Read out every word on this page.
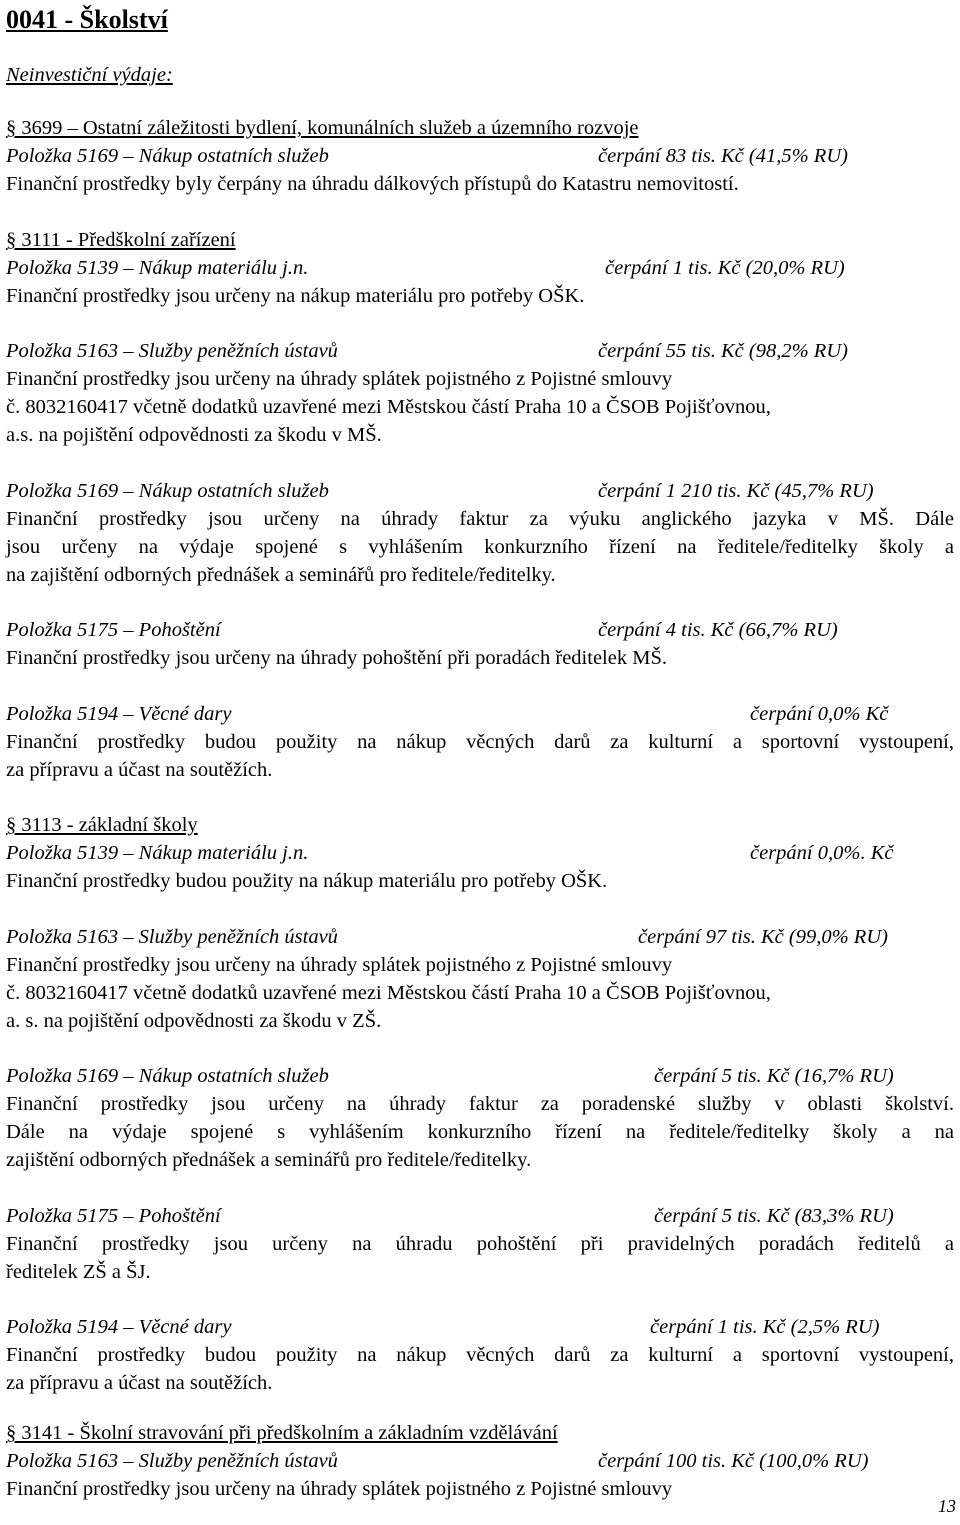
0041 - Školství
Neinvestiční výdaje:
§ 3699 – Ostatní záležitosti bydlení, komunálních služeb a územního rozvoje
Položka 5169 – Nákup ostatních služeb	čerpání 83 tis. Kč (41,5% RU)
Finanční prostředky byly čerpány na úhradu dálkových přístupů do Katastru nemovitostí.
§ 3111 - Předškolní zařízení
Položka 5139 – Nákup materiálu j.n.	čerpání 1 tis. Kč (20,0% RU)
Finanční prostředky jsou určeny na nákup materiálu pro potřeby OŠK.
Položka 5163 – Služby peněžních ústavů	čerpání 55 tis. Kč (98,2% RU)
Finanční prostředky jsou určeny na úhrady splátek pojistného z Pojistné smlouvy
č. 8032160417 včetně dodatků uzavřené mezi Městskou částí Praha 10 a ČSOB Pojišťovnou,
a.s. na pojištění odpovědnosti za škodu v MŠ.
Položka 5169 – Nákup ostatních služeb	čerpání 1 210 tis. Kč (45,7% RU)
Finanční prostředky jsou určeny na úhrady faktur za výuku anglického jazyka v MŠ. Dále
jsou určeny na výdaje spojené s vyhlášením konkurzního řízení na ředitele/ředitelky školy a
na zajištění odborných přednášek a seminářů pro ředitele/ředitelky.
Položka 5175 – Pohoštění	čerpání 4 tis. Kč (66,7% RU)
Finanční prostředky jsou určeny na úhrady pohoštění při poradách ředitelek MŠ.
Položka 5194 – Věcné dary	čerpání 0,0% Kč
Finanční prostředky budou použity na nákup věcných darů za kulturní a sportovní vystoupení,
za přípravu a účast na soutěžích.
§ 3113 - základní školy
Položka 5139 – Nákup materiálu j.n.	čerpání 0,0%. Kč
Finanční prostředky budou použity na nákup materiálu pro potřeby OŠK.
Položka 5163 – Služby peněžních ústavů	čerpání 97 tis. Kč (99,0% RU)
Finanční prostředky jsou určeny na úhrady splátek pojistného z Pojistné smlouvy
č. 8032160417 včetně dodatků uzavřené mezi Městskou částí Praha 10 a ČSOB Pojišťovnou,
a. s. na pojištění odpovědnosti za škodu v ZŠ.
Položka 5169 – Nákup ostatních služeb	čerpání 5 tis. Kč (16,7% RU)
Finanční prostředky jsou určeny na úhrady faktur za poradenské služby v oblasti školství.
Dále na výdaje spojené s vyhlášením konkurzního řízení na ředitele/ředitelky školy a na
zajištění odborných přednášek a seminářů pro ředitele/ředitelky.
Položka 5175 – Pohoštění	čerpání 5 tis. Kč (83,3% RU)
Finanční prostředky jsou určeny na úhradu pohoštění při pravidelných poradách ředitelů a
ředitelek ZŠ a ŠJ.
Položka 5194 – Věcné dary	čerpání 1 tis. Kč (2,5% RU)
Finanční prostředky budou použity na nákup věcných darů za kulturní a sportovní vystoupení,
za přípravu a účast na soutěžích.
§ 3141 - Školní stravování při předškolním a základním vzdělávání
Položka 5163 – Služby peněžních ústavů	čerpání 100 tis. Kč (100,0% RU)
Finanční prostředky jsou určeny na úhrady splátek pojistného z Pojistné smlouvy
13
